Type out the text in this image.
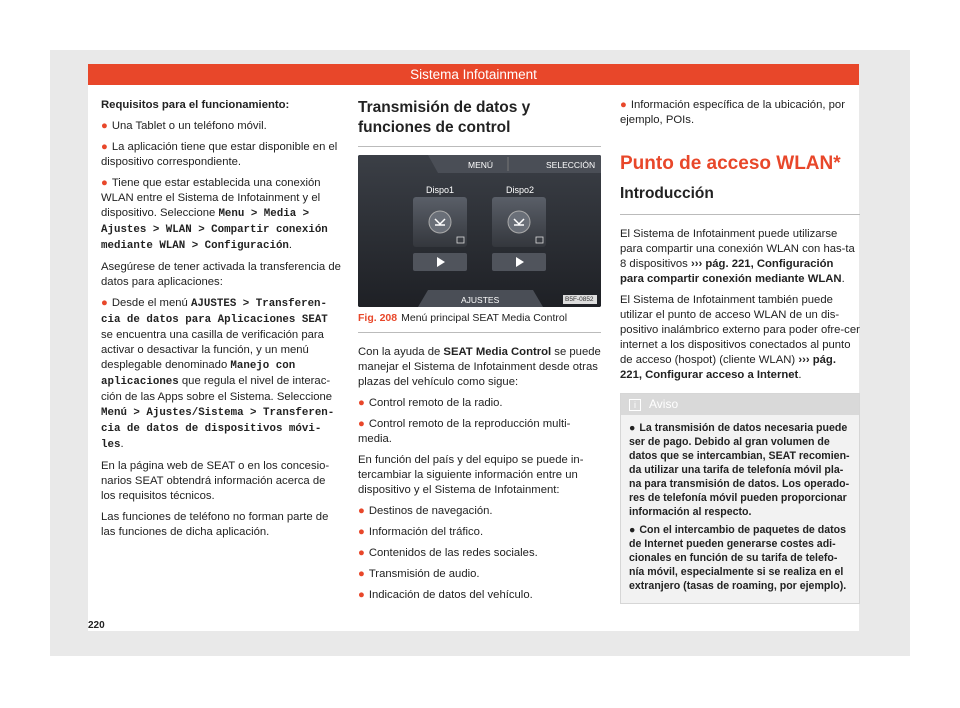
Sistema Infotainment

Requisitos para el funcionamiento:

● Una Tablet o un teléfono móvil.

● La aplicación tiene que estar disponible en el dispositivo correspondiente.

● Tiene que estar establecida una conexión WLAN entre el Sistema de Infotainment y el dispositivo. Seleccione Menu > Media > Ajustes > WLAN > Compartir conexión mediante WLAN > Configuración.

Asegúrese de tener activada la transferencia de datos para aplicaciones:

● Desde el menú AJUSTES > Transferen-cia de datos para Aplicaciones SEAT se encuentra una casilla de verificación para activar o desactivar la función, y un menú desplegable denominado Manejo con aplicaciones que regula el nivel de interac-ción de las Apps sobre el Sistema. Seleccione Menú > Ajustes/Sistema > Transferen-cia de datos de dispositivos móvi-les.

En la página web de SEAT o en los concesio-narios SEAT obtendrá información acerca de los requisitos técnicos.

Las funciones de teléfono no forman parte de las funciones de dicha aplicación.

Transmisión de datos y funciones de control
MENÚ	SELECCIÓN
Dispo1	Dispo2
AJUSTES	B5F-0852
Fig. 208 Menú principal SEAT Media Control

Con la ayuda de SEAT Media Control se puede manejar el Sistema de Infotainment desde otras plazas del vehículo como sigue:

● Control remoto de la radio.

● Control remoto de la reproducción multi-media.

En función del país y del equipo se puede in-tercambiar la siguiente información entre un dispositivo y el Sistema de Infotainment:

● Destinos de navegación.

● Información del tráfico.

● Contenidos de las redes sociales.

● Transmisión de audio.

● Indicación de datos del vehículo.

● Información específica de la ubicación, por ejemplo, POIs.

Punto de acceso WLAN*

Introducción

El Sistema de Infotainment puede utilizarse para compartir una conexión WLAN con has-ta 8 dispositivos ››› pág. 221, Configuración para compartir conexión mediante WLAN.

El Sistema de Infotainment también puede utilizar el punto de acceso WLAN de un dis-positivo inalámbrico externo para poder ofre-cer internet a los dispositivos conectados al punto de acceso (hospot) (cliente WLAN) ››› pág. 221, Configurar acceso a Internet.

i Aviso

● La transmisión de datos necesaria puede ser de pago. Debido al gran volumen de datos que se intercambian, SEAT recomien-da utilizar una tarifa de telefonía móvil pla-na para transmisión de datos. Los operado-res de telefonía móvil pueden proporcionar información al respecto.

● Con el intercambio de paquetes de datos de Internet pueden generarse costes adi-cionales en función de su tarifa de telefo-nía móvil, especialmente si se realiza en el extranjero (tasas de roaming, por ejemplo).

220
